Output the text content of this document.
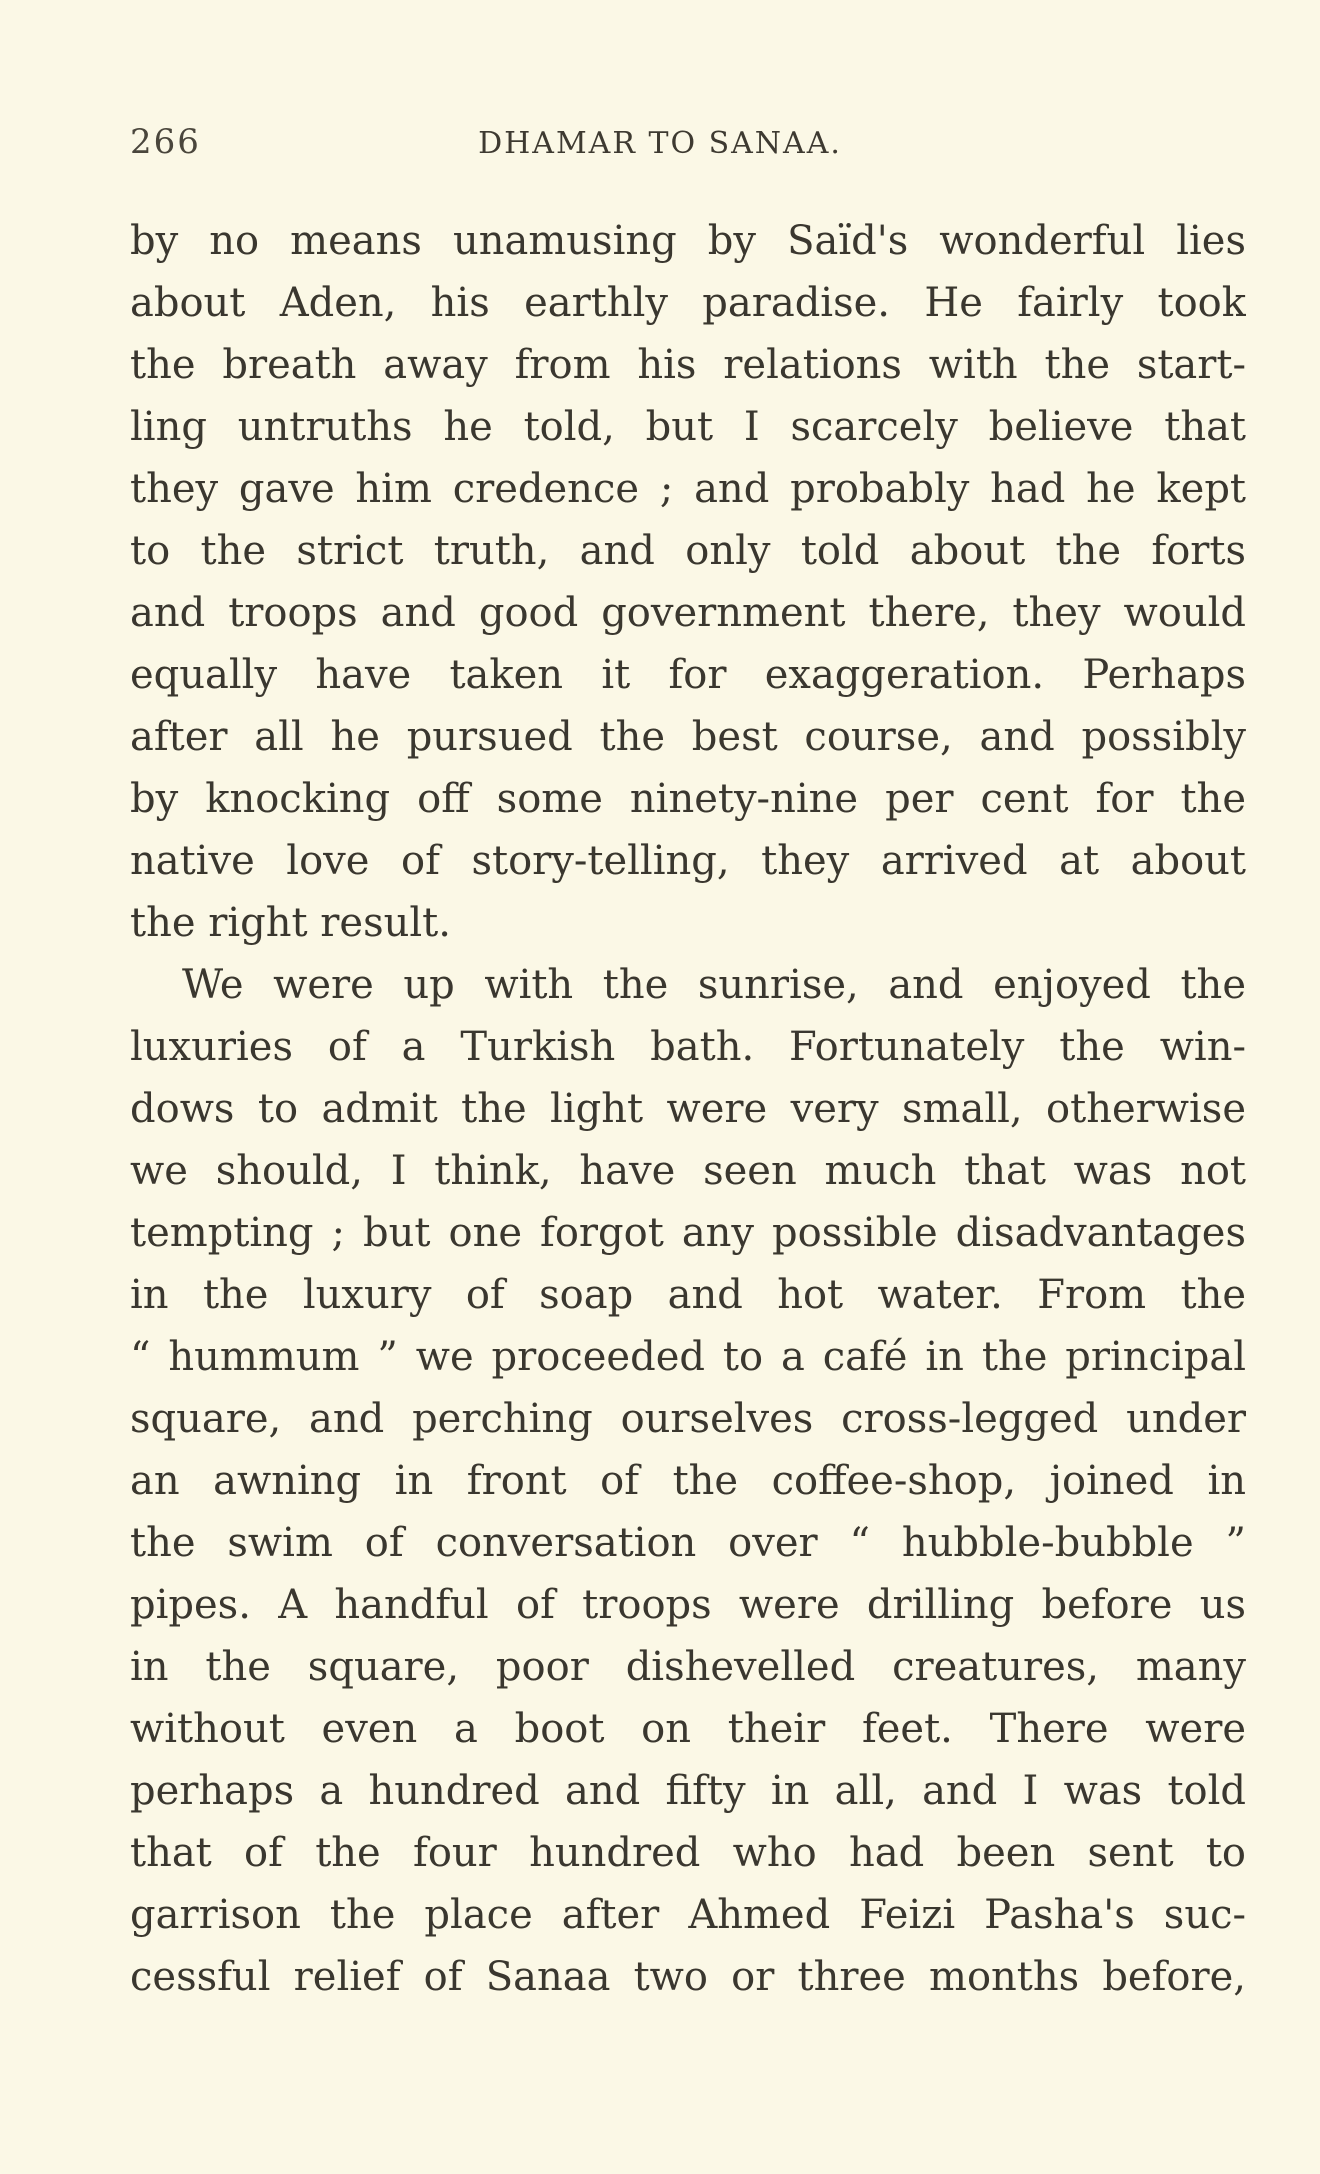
266	DHAMAR TO SANAA.
by no means unamusing by Saïd's wonderful lies
about Aden, his earthly paradise. He fairly took
the breath away from his relations with the start-
ling untruths he told, but I scarcely believe that
they gave him credence ; and probably had he kept
to the strict truth, and only told about the forts
and troops and good government there, they would
equally have taken it for exaggeration. Perhaps
after all he pursued the best course, and possibly
by knocking off some ninety-nine per cent for the
native love of story-telling, they arrived at about
the right result.
We were up with the sunrise, and enjoyed the
luxuries of a Turkish bath. Fortunately the win-
dows to admit the light were very small, otherwise
we should, I think, have seen much that was not
tempting ; but one forgot any possible disadvantages
in the luxury of soap and hot water. From the
“ hummum ” we proceeded to a café in the principal
square, and perching ourselves cross-legged under
an awning in front of the coffee-shop, joined in
the swim of conversation over “ hubble-bubble ”
pipes. A handful of troops were drilling before us
in the square, poor dishevelled creatures, many
without even a boot on their feet. There were
perhaps a hundred and fifty in all, and I was told
that of the four hundred who had been sent to
garrison the place after Ahmed Feizi Pasha's suc-
cessful relief of Sanaa two or three months before,
